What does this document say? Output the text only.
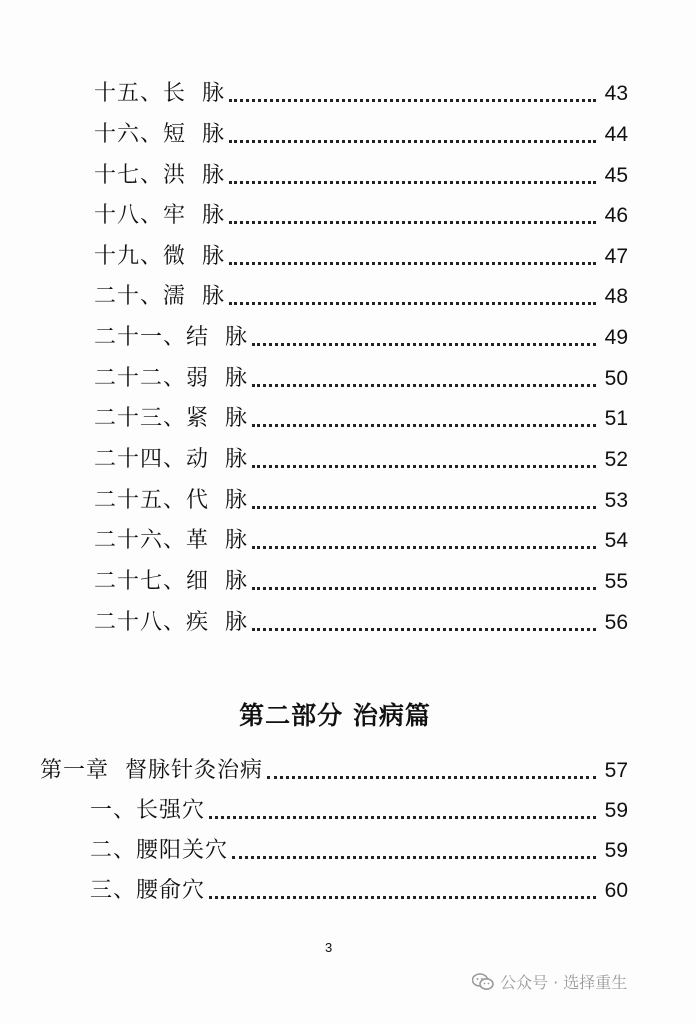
十五、长  脉	43
十六、短  脉	44
十七、洪  脉	45
十八、牢  脉	46
十九、微  脉	47
二十、濡  脉	48
二十一、结  脉	49
二十二、弱  脉	50
二十三、紧  脉	51
二十四、动  脉	52
二十五、代  脉	53
二十六、革  脉	54
二十七、细  脉	55
二十八、疾  脉	56
第二部分 治病篇
第一章  督脉针灸治病	57
一、长强穴	59
二、腰阳关穴	59
三、腰俞穴	60
3
公众号 · 选择重生
